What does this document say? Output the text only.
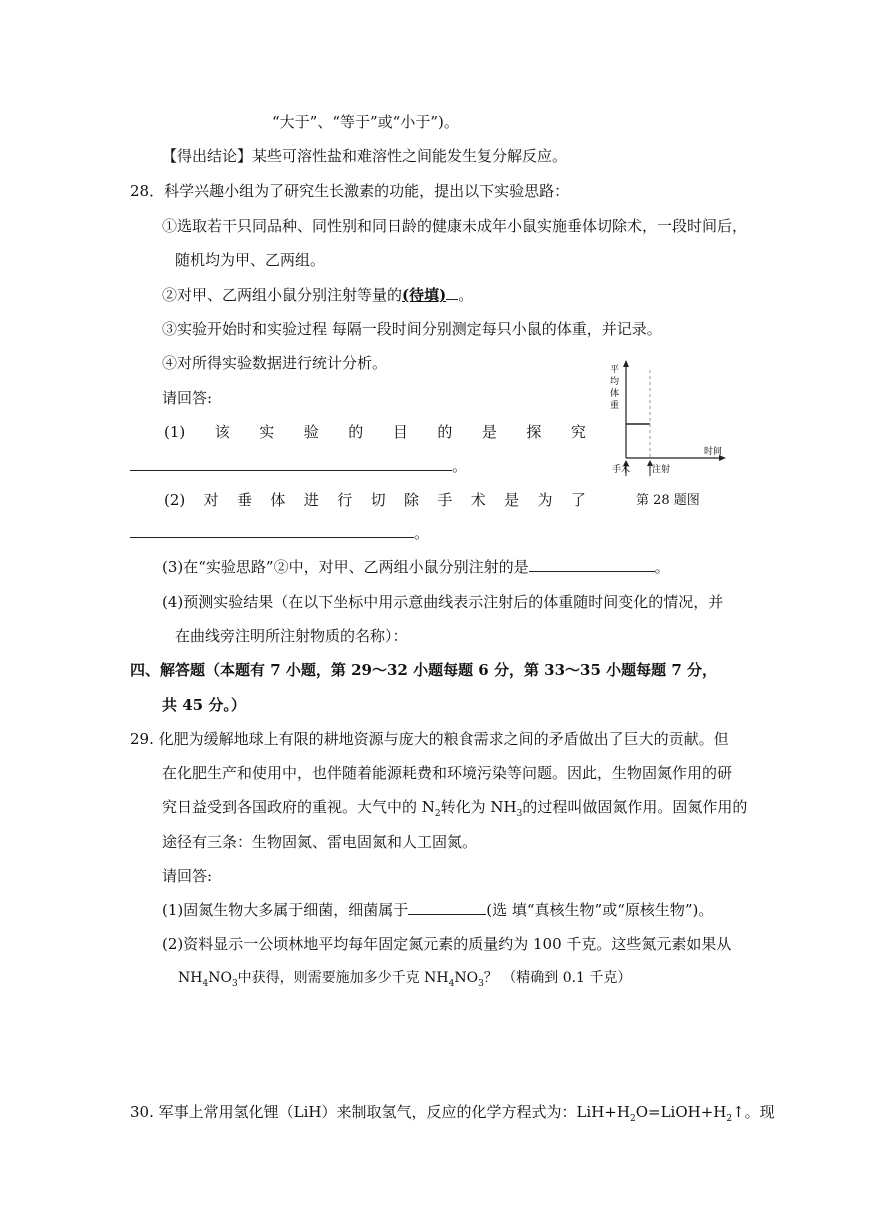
“大于”、“等于”或“小于”)。
【得出结论】某些可溶性盐和难溶性之间能发生复分解反应。
28．科学兴趣小组为了研究生长激素的功能，提出以下实验思路：
①选取若干只同品种、同性别和同日龄的健康未成年小鼠实施垂体切除术，一段时间后，
随机均为甲、乙两组。
②对甲、乙两组小鼠分别注射等量的(待填) 。
③实验开始时和实验过程 每隔一段时间分别测定每只小鼠的体重，并记录。
④对所得实验数据进行统计分析。
请回答:
(1) 该 实 验 的 目 的 是 探 究
。
(2) 对 垂 体 进 行 切 除 手 术 是 为 了
。
(3)在“实验思路”②中，对甲、乙两组小鼠分别注射的是	。
(4)预测实验结果（在以下坐标中用示意曲线表示注射后的体重随时间变化的情况，并
在曲线旁注明所注射物质的名称）：
四、解答题（本题有 7 小题，第 29～32 小题每题 6 分，第 33～35 小题每题 7 分，
共 45 分。）
29. 化肥为缓解地球上有限的耕地资源与庞大的粮食需求之间的矛盾做出了巨大的贡献。但
在化肥生产和使用中，也伴随着能源耗费和环境污染等问题。因此，生物固氮作用的研
究日益受到各国政府的重视。大气中的 $N_2$转化为 $NH_3$的过程叫做固氮作用。固氮作用的
途径有三条：生物固氮、雷电固氮和人工固氮。
请回答:
(1)固氮生物大多属于细菌，细菌属于	(选 填“真核生物”或“原核生物”)。
(2)资料显示一公顷林地平均每年固定氮元素的质量约为 100 千克。这些氮元素如果从
$NH_4NO_3$中获得，则需要施加多少千克 $NH_4NO_3$？ （精确到 0.1 千克）
30. 军事上常用氢化锂（LiH）来制取氢气，反应的化学方程式为：$LiH+H_2O=LiOH+H_2↑$。现
平
均
体
重
手术 注射
时间
第 28 题图
